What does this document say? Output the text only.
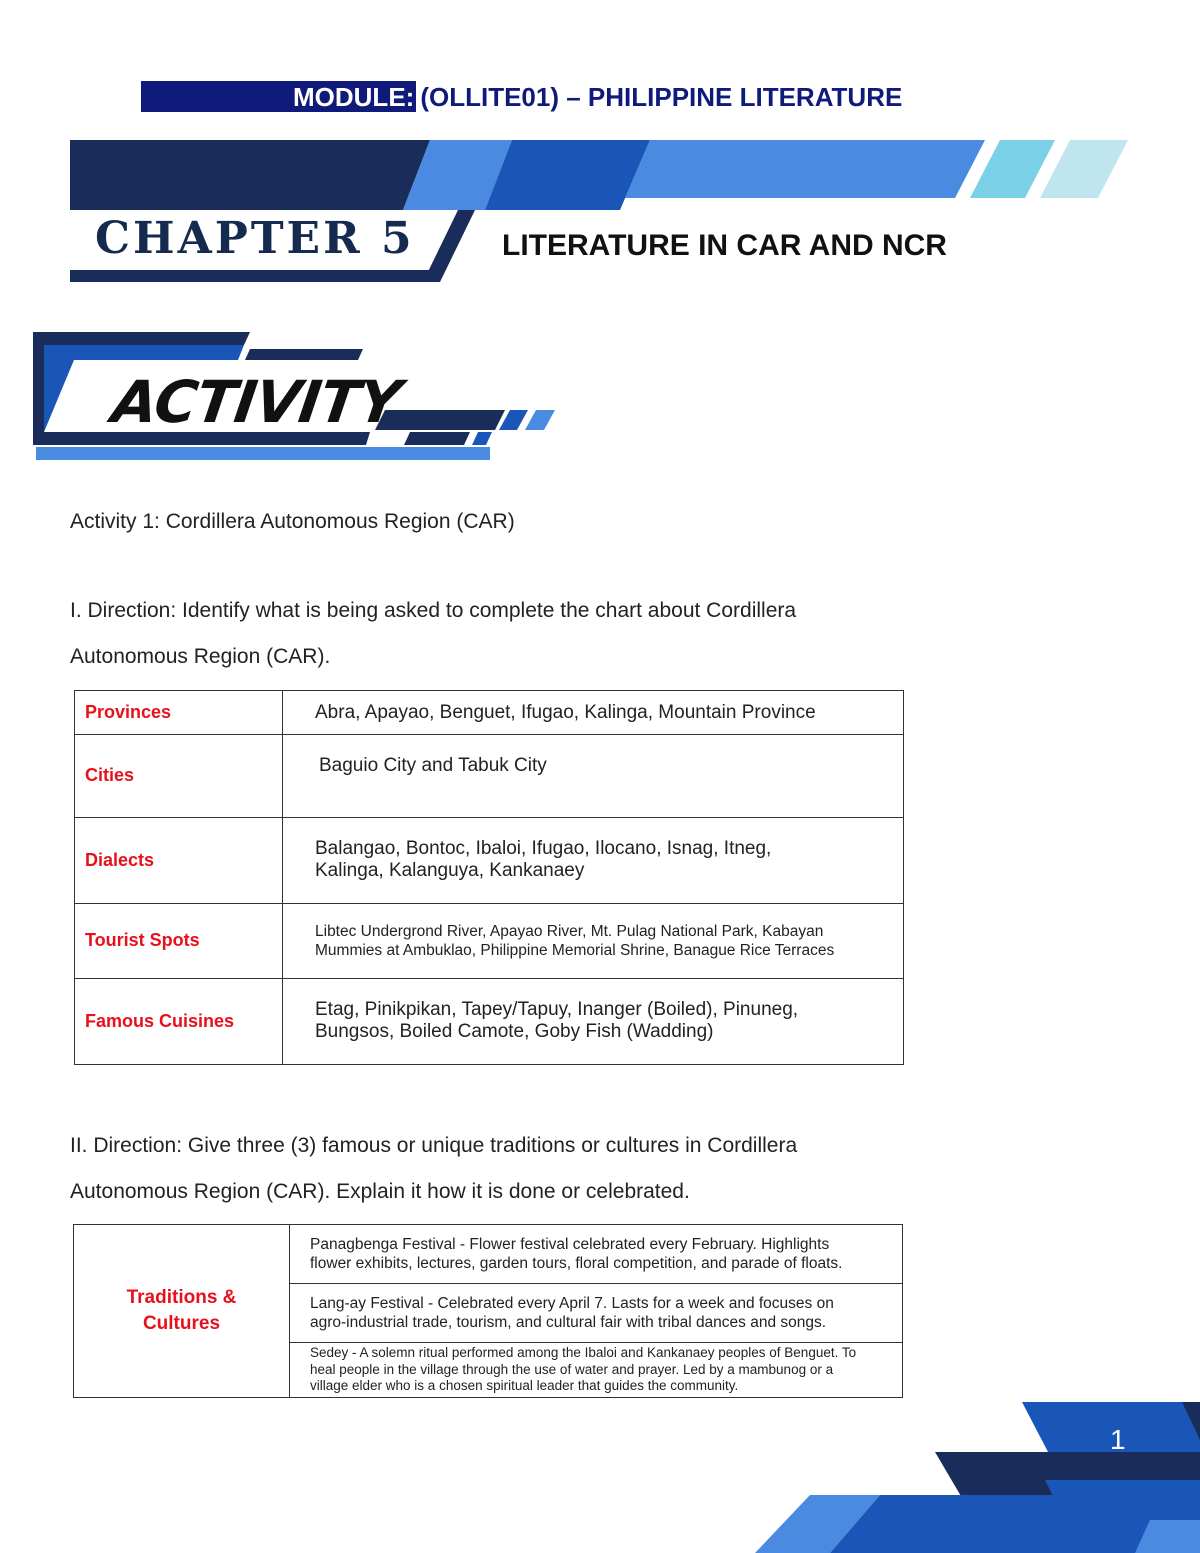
MODULE: (OLLITE01) – PHILIPPINE LITERATURE
CHAPTER 5	LITERATURE IN CAR AND NCR
ACTIVITY
Activity 1: Cordillera Autonomous Region (CAR)
I. Direction: Identify what is being asked to complete the chart about Cordillera
Autonomous Region (CAR).
Provinces	Abra, Apayao, Benguet, Ifugao, Kalinga, Mountain Province
Cities	Baguio City and Tabuk City
Dialects	Balangao, Bontoc, Ibaloi, Ifugao, Ilocano, Isnag, Itneg,
Kalinga, Kalanguya, Kankanaey

Tourist Spots	Libtec Undergrond River, Apayao River, Mt. Pulag National Park, Kabayan
Mummies at Ambuklao, Philippine Memorial Shrine, Banague Rice Terraces

Famous Cuisines	Etag, Pinikpikan, Tapey/Tapuy, Inanger (Boiled), Pinuneg,
Bungsos, Boiled Camote, Goby Fish (Wadding)
II. Direction: Give three (3) famous or unique traditions or cultures in Cordillera
Autonomous Region (CAR). Explain it how it is done or celebrated.
Traditions &
Cultures

Panagbenga Festival - Flower festival celebrated every February. Highlights
flower exhibits, lectures, garden tours, floral competition, and parade of floats.

Lang-ay Festival - Celebrated every April 7. Lasts for a week and focuses on
agro-industrial trade, tourism, and cultural fair with tribal dances and songs.

Sedey - A solemn ritual performed among the Ibaloi and Kankanaey peoples of Benguet. To
heal people in the village through the use of water and prayer. Led by a mambunog or a
village elder who is a chosen spiritual leader that guides the community.
1
